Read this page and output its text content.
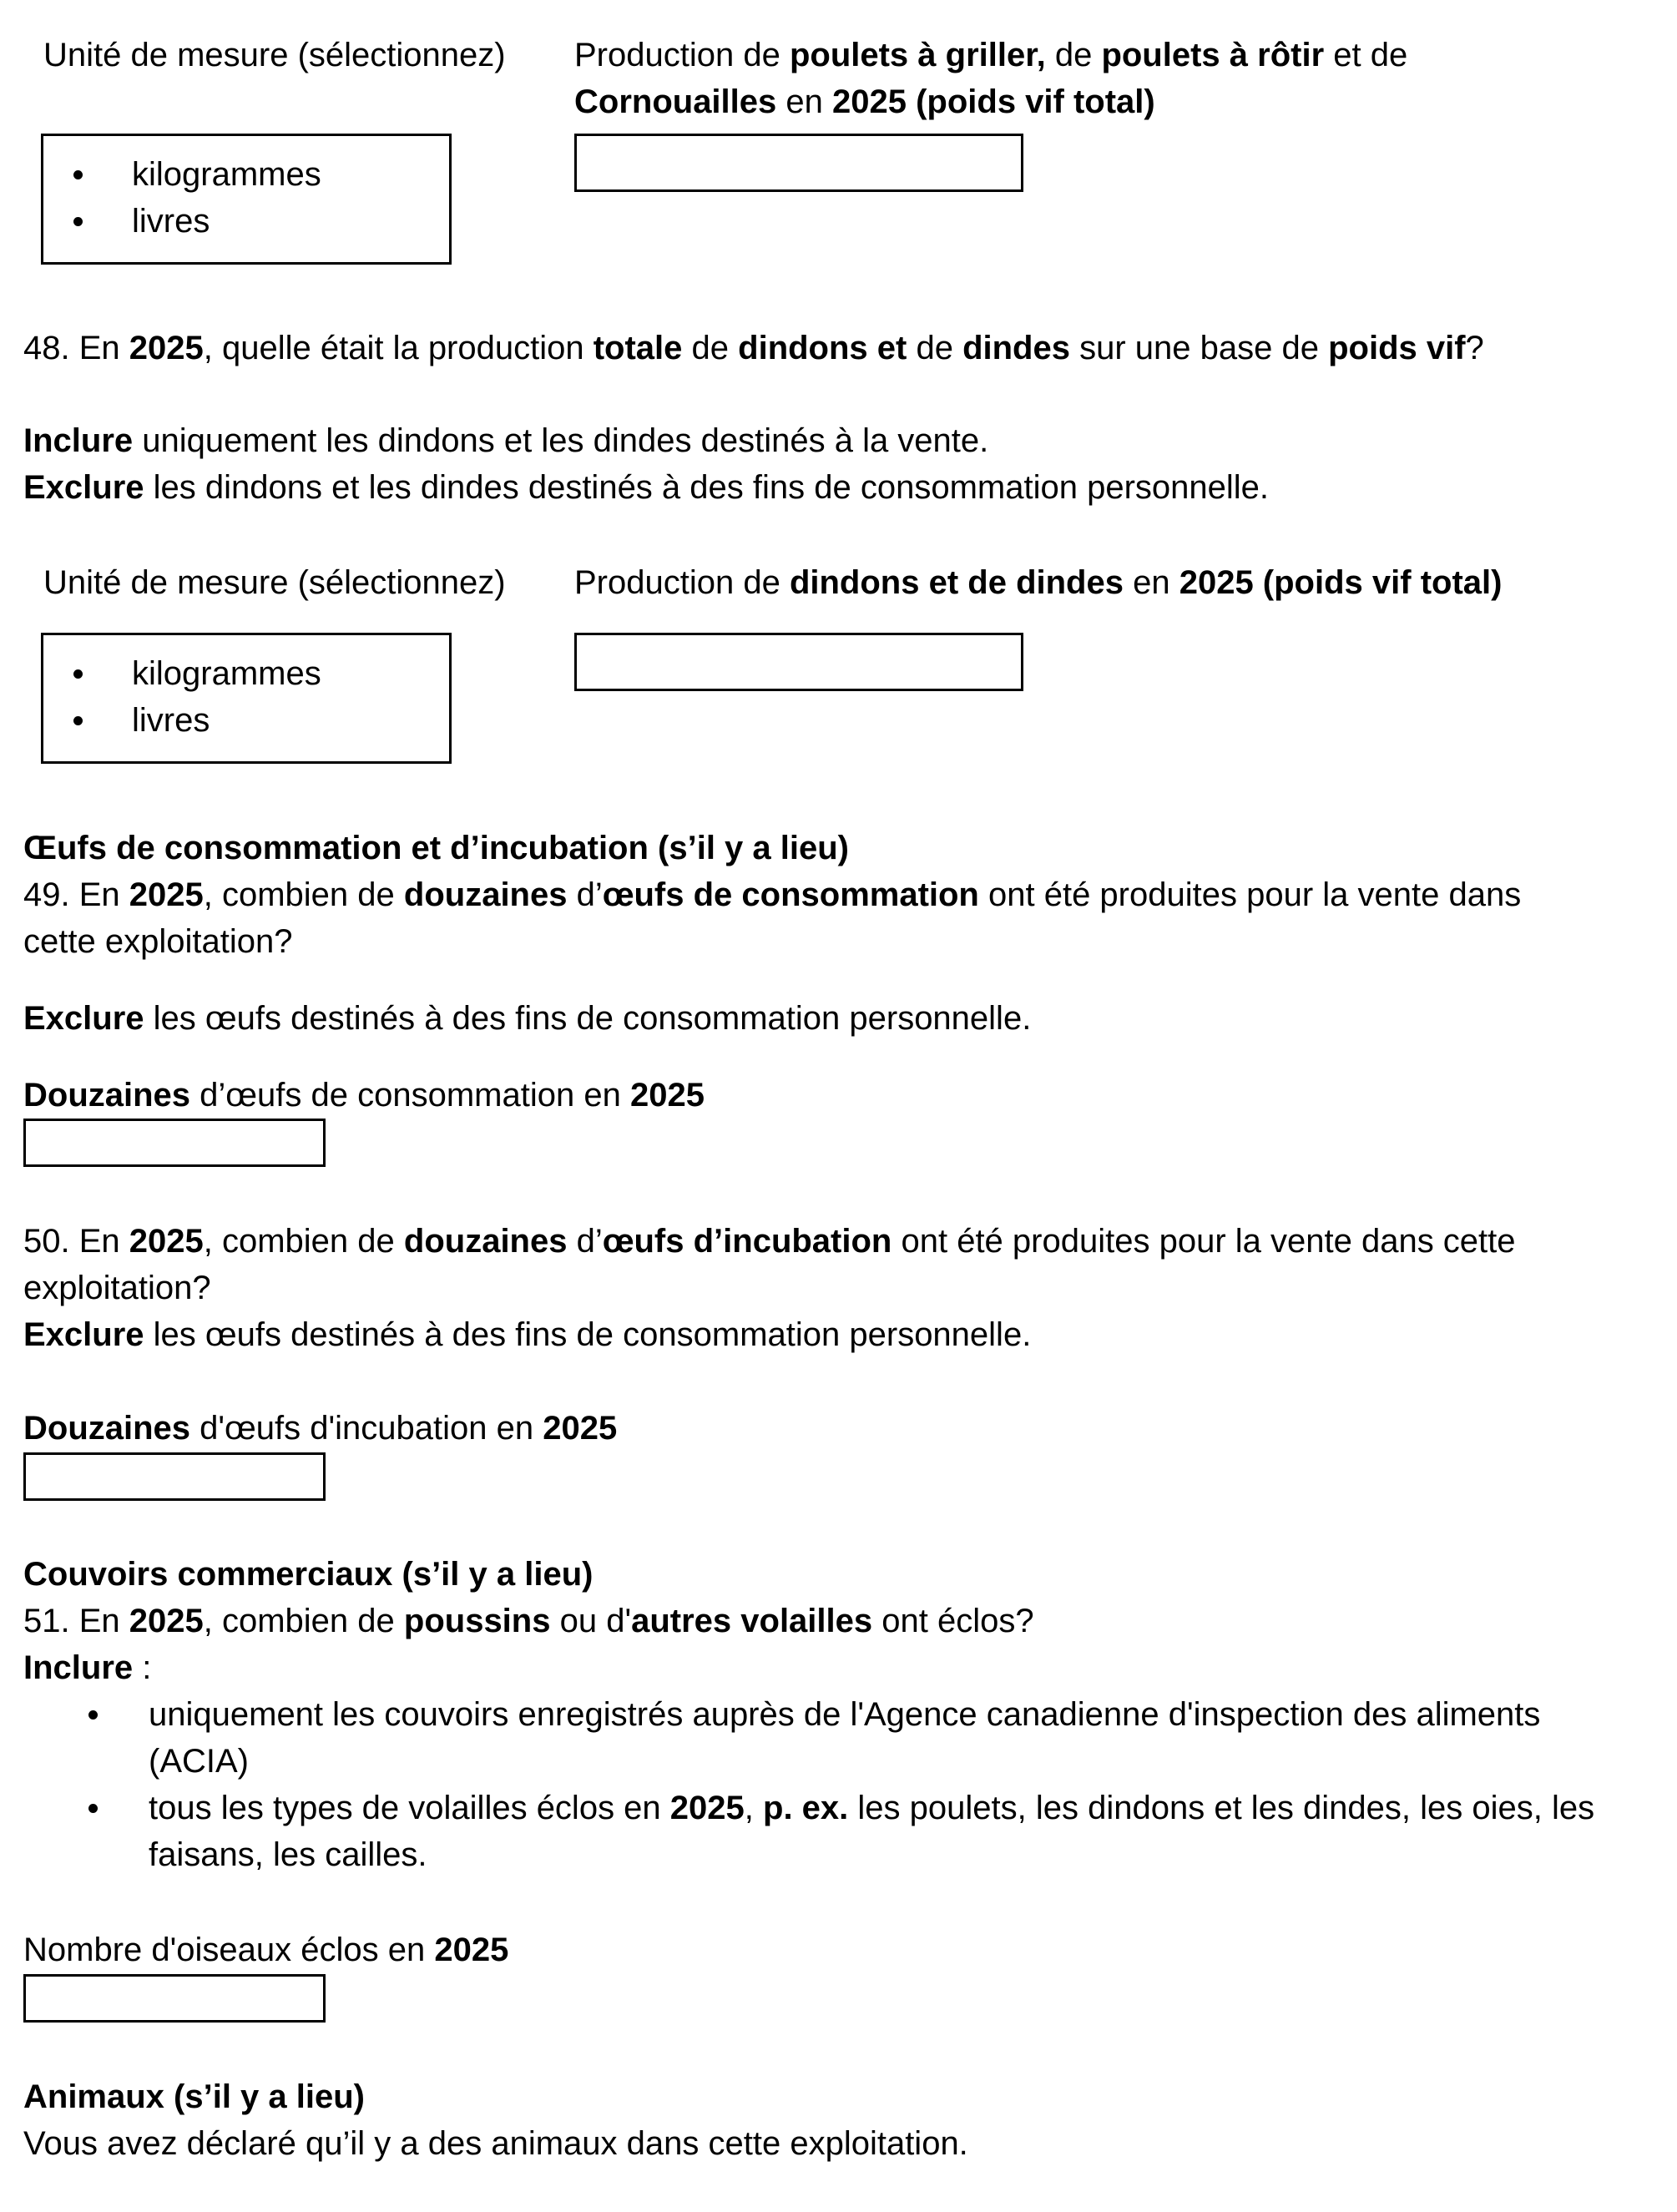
Unité de mesure (sélectionnez) Production de poulets à griller, de poulets à rôtir et de
Cornouailles en 2025 (poids vif total)
kilogrammes
livres
48. En 2025, quelle était la production totale de dindons et de dindes sur une base de poids vif?
Inclure uniquement les dindons et les dindes destinés à la vente.
Exclure les dindons et les dindes destinés à des fins de consommation personnelle.
Unité de mesure (sélectionnez) Production de dindons et de dindes en 2025 (poids vif total)
kilogrammes
livres
Œufs de consommation et d’incubation (s’il y a lieu)
49. En 2025, combien de douzaines d’œufs de consommation ont été produites pour la vente dans
cette exploitation?
Exclure les œufs destinés à des fins de consommation personnelle.
Douzaines d’œufs de consommation en 2025
50. En 2025, combien de douzaines d’œufs d’incubation ont été produites pour la vente dans cette
exploitation?
Exclure les œufs destinés à des fins de consommation personnelle.
Douzaines d'œufs d'incubation en 2025
Couvoirs commerciaux (s’il y a lieu)
51. En 2025, combien de poussins ou d'autres volailles ont éclos?
Inclure :
uniquement les couvoirs enregistrés auprès de l'Agence canadienne d'inspection des aliments
(ACIA)
tous les types de volailles éclos en 2025, p. ex. les poulets, les dindons et les dindes, les oies, les
faisans, les cailles.
Nombre d'oiseaux éclos en 2025
Animaux (s’il y a lieu)
Vous avez déclaré qu’il y a des animaux dans cette exploitation.
